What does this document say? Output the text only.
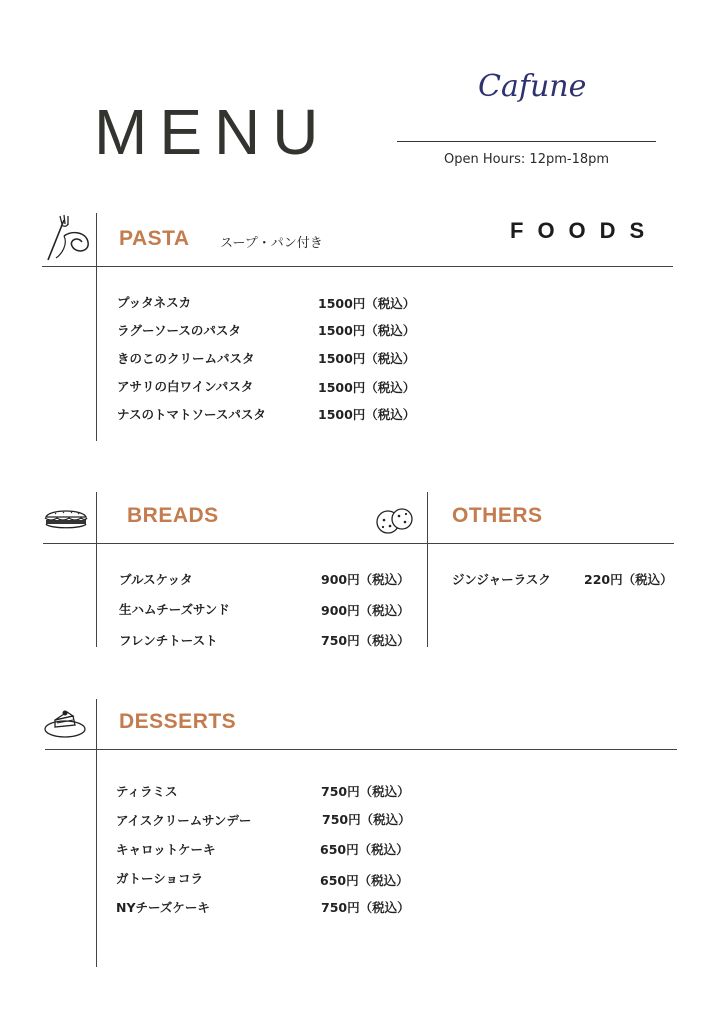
MENU
Cafune
Open Hours: 12pm-18pm
FOODS
PASTA スープ・パン付き
プッタネスカ	1500円（税込）
ラグーソースのパスタ	1500円（税込）
きのこのクリームパスタ	1500円（税込）
アサリの白ワインパスタ	1500円（税込）
ナスのトマトソースパスタ	1500円（税込）
BREADS
ブルスケッタ	900円（税込）
生ハムチーズサンド	900円（税込）
フレンチトースト	750円（税込）
OTHERS
ジンジャーラスク	220円（税込）
DESSERTS
ティラミス	750円（税込）
アイスクリームサンデー	750円（税込）
キャロットケーキ	650円（税込）
ガトーショコラ	650円（税込）
NYチーズケーキ	750円（税込）
